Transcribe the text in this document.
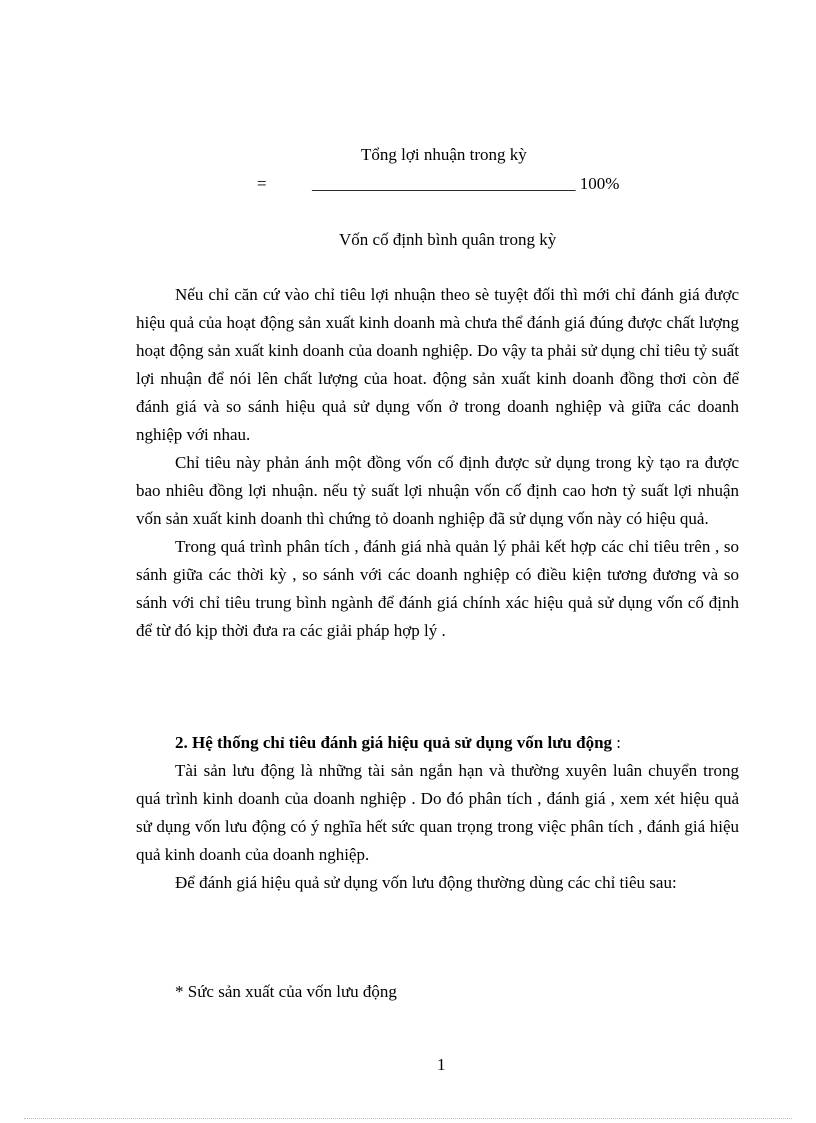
Tổng lợi nhuận trong kỳ
=	_______________________________ 100%
Vốn cố định bình quân trong kỳ

Nếu chỉ căn cứ vào chỉ tiêu lợi nhuận theo sè tuyệt đối thì mới chỉ đánh giá được hiệu quả của hoạt động sản xuất kinh doanh mà chưa thể đánh giá đúng được chất lượng hoạt động sản xuất kinh doanh của doanh nghiệp. Do vậy ta phải sử dụng chỉ tiêu tỷ suất lợi nhuận để nói lên chất lượng của hoat. động sản xuất kinh doanh đồng thơi còn để đánh giá và so sánh hiệu quả sử dụng vốn ở trong doanh nghiệp và giữa các doanh nghiệp với nhau.

Chỉ tiêu này phản ánh một đồng vốn cố định được sử dụng trong kỳ tạo ra được bao nhiêu đồng lợi nhuận. nếu tỷ suất lợi nhuận vốn cố định cao hơn tỷ suất lợi nhuận vốn sản xuất kinh doanh thì chứng tỏ doanh nghiệp đã sử dụng vốn này có hiệu quả.

Trong quá trình phân tích , đánh giá nhà quản lý phải kết hợp các chỉ tiêu trên , so sánh giữa các thời kỳ , so sánh với các doanh nghiệp có điều kiện tương đương và so sánh với chỉ tiêu trung bình ngành để đánh giá chính xác hiệu quả sử dụng vốn cố định để từ đó kịp thời đưa ra các giải pháp hợp lý .

2. Hệ thống chỉ tiêu đánh giá hiệu quả sử dụng vốn lưu động :

Tài sản lưu động là những tài sản ngắn hạn và thường xuyên luân chuyển trong quá trình kinh doanh của doanh nghiệp . Do đó phân tích , đánh giá , xem xét hiệu quả sử dụng vốn lưu động có ý nghĩa hết sức quan trọng trong việc phân tích , đánh giá hiệu quả kinh doanh của doanh nghiệp.

Để đánh giá hiệu quả sử dụng vốn lưu động thường dùng các chỉ tiêu sau:

* Sức sản xuất của vốn lưu động
1
